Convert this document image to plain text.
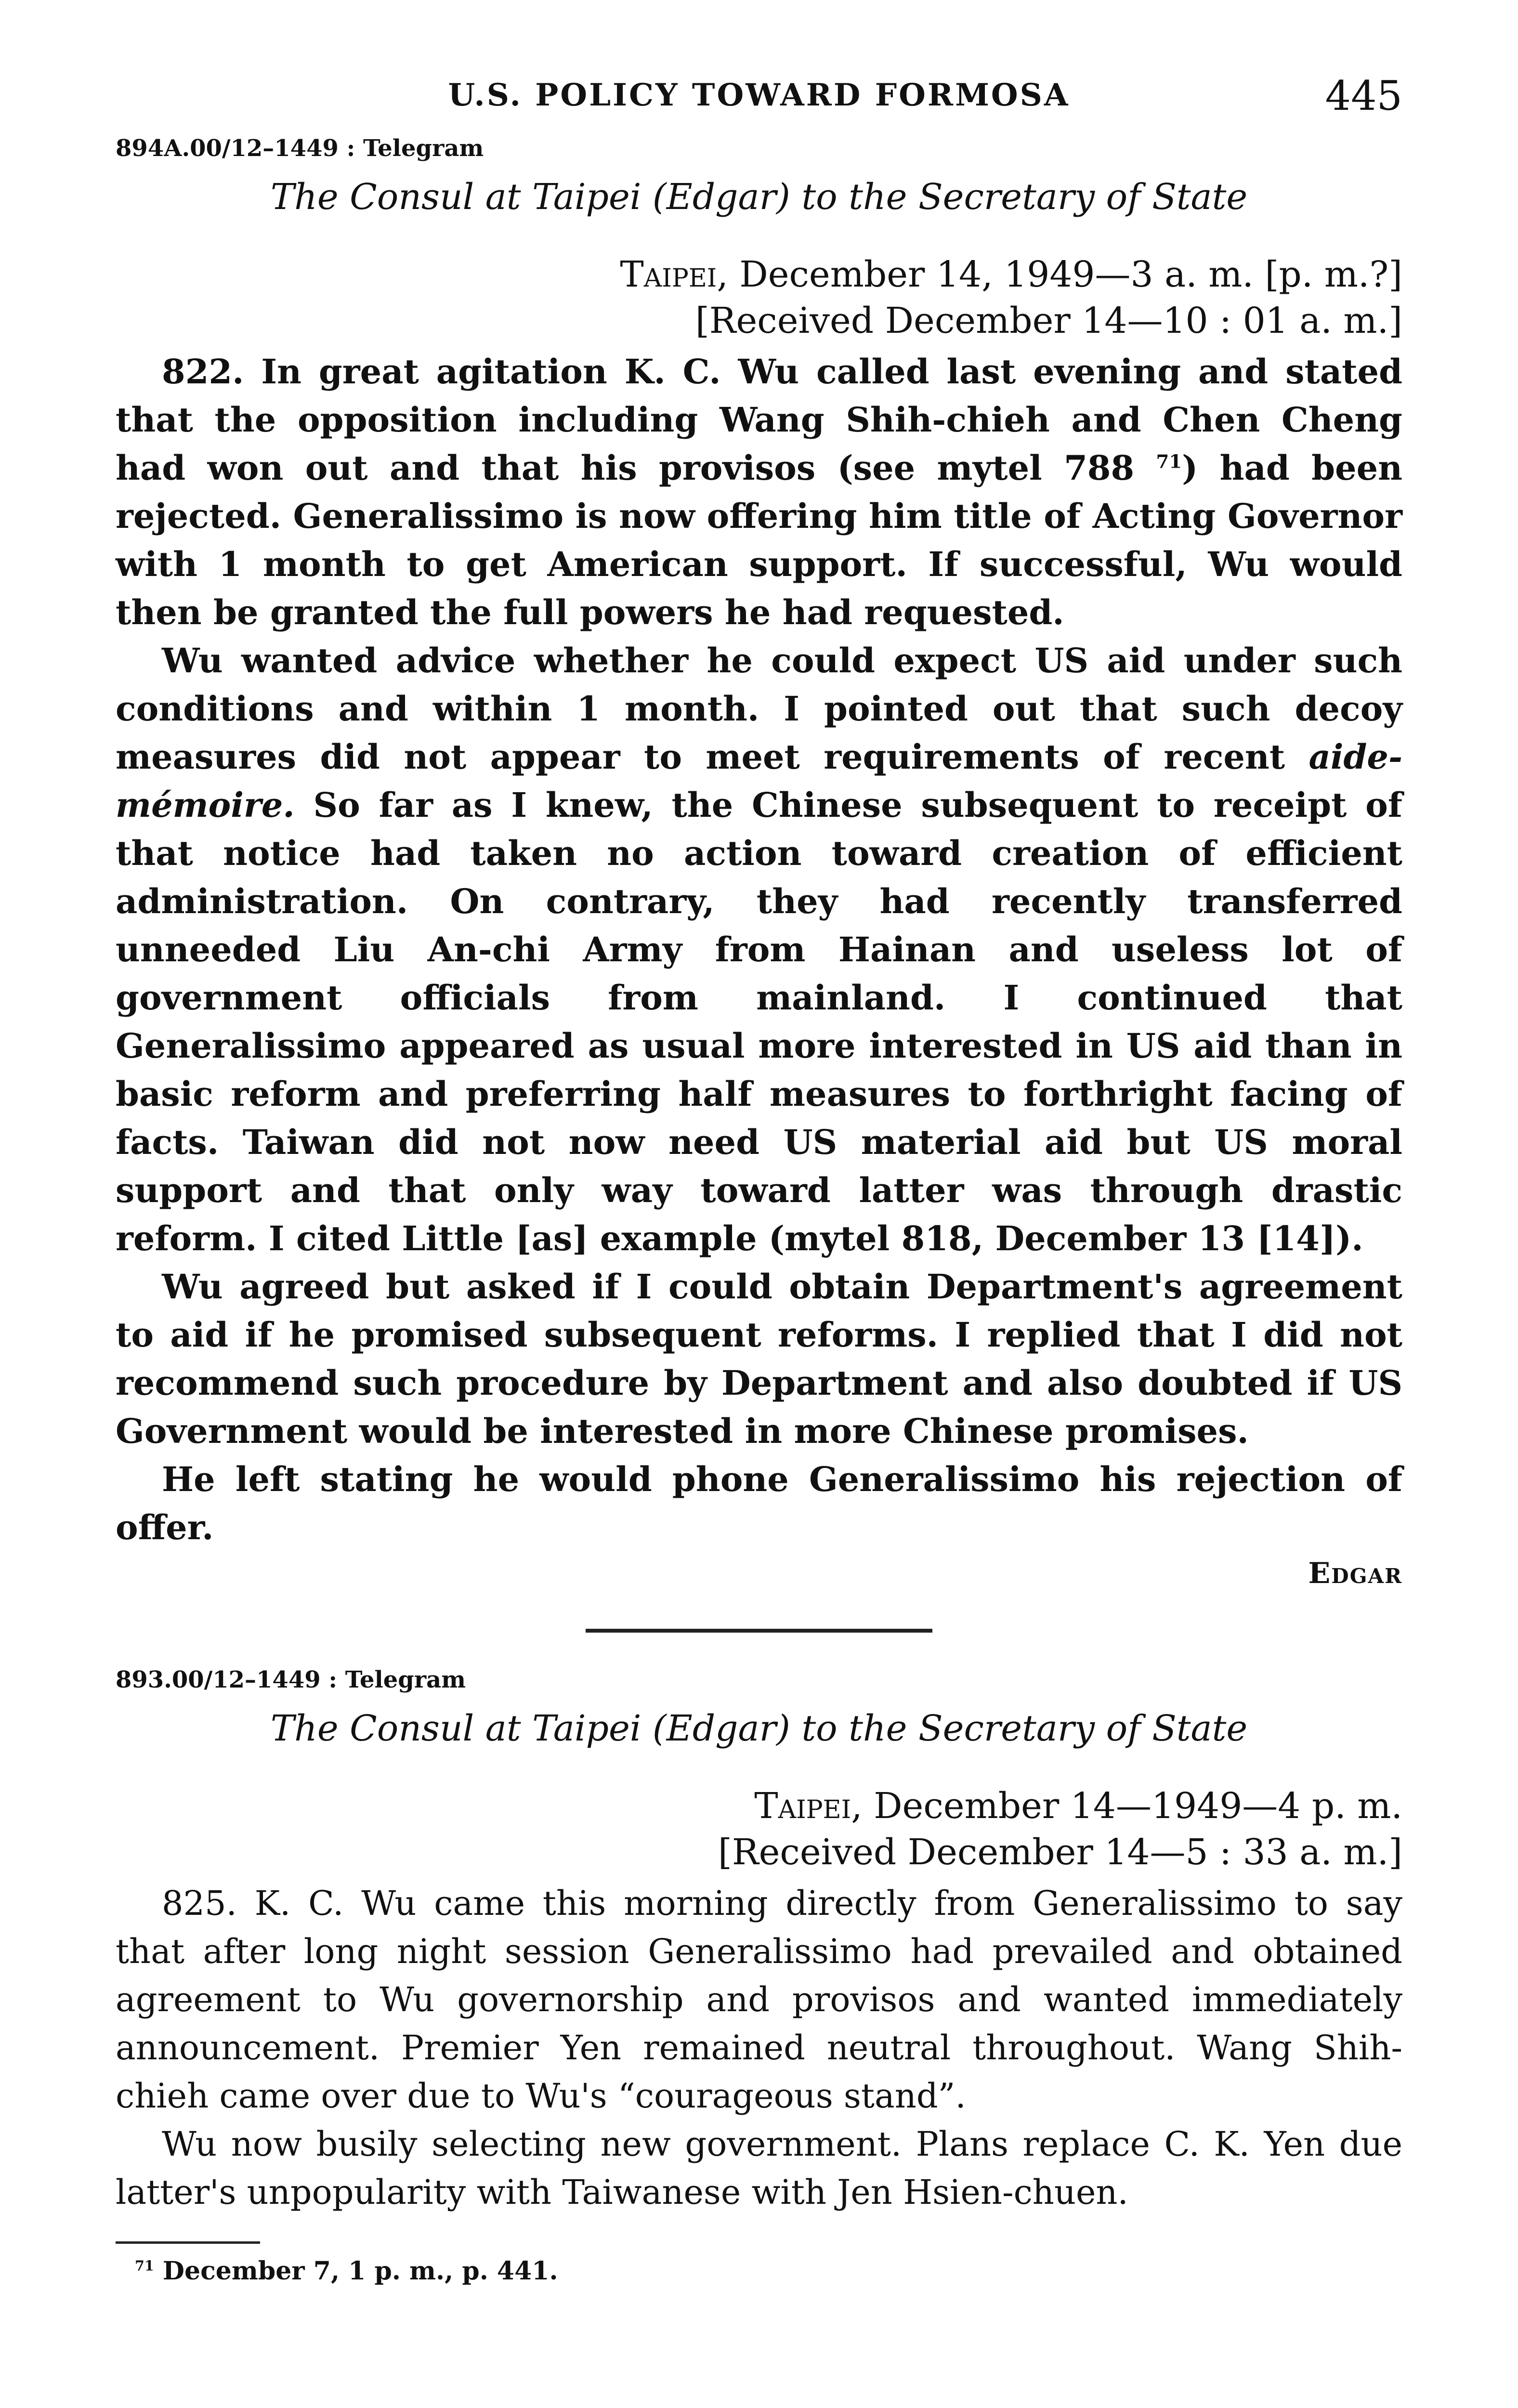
U.S. POLICY TOWARD FORMOSA	445
894A.00/12–1449 : Telegram
The Consul at Taipei (Edgar) to the Secretary of State
Taipei, December 14, 1949—3 a. m. [p. m.?]
[Received December 14—10 : 01 a. m.]

822. In great agitation K. C. Wu called last evening and stated that the opposition including Wang Shih-chieh and Chen Cheng had won out and that his provisos (see mytel 788 $^{71}$) had been rejected. Generalissimo is now offering him title of Acting Governor with 1 month to get American support. If successful, Wu would then be granted the full powers he had requested.

Wu wanted advice whether he could expect US aid under such conditions and within 1 month. I pointed out that such decoy measures did not appear to meet requirements of recent aide-mémoire. So far as I knew, the Chinese subsequent to receipt of that notice had taken no action toward creation of efficient administration. On contrary, they had recently transferred unneeded Liu An-chi Army from Hainan and useless lot of government officials from mainland. I continued that Generalissimo appeared as usual more interested in US aid than in basic reform and preferring half measures to forthright facing of facts. Taiwan did not now need US material aid but US moral support and that only way toward latter was through drastic reform. I cited Little [as] example (mytel 818, December 13 [14]).

Wu agreed but asked if I could obtain Department's agreement to aid if he promised subsequent reforms. I replied that I did not recommend such procedure by Department and also doubted if US Government would be interested in more Chinese promises.

He left stating he would phone Generalissimo his rejection of offer.

Edgar
893.00/12–1449 : Telegram
The Consul at Taipei (Edgar) to the Secretary of State
Taipei, December 14—1949—4 p. m.
[Received December 14—5 : 33 a. m.]

825. K. C. Wu came this morning directly from Generalissimo to say that after long night session Generalissimo had prevailed and obtained agreement to Wu governorship and provisos and wanted immediately announcement. Premier Yen remained neutral throughout. Wang Shih-chieh came over due to Wu's “courageous stand”.

Wu now busily selecting new government. Plans replace C. K. Yen due latter's unpopularity with Taiwanese with Jen Hsien-chuen.

$^{71}$ December 7, 1 p. m., p. 441.
